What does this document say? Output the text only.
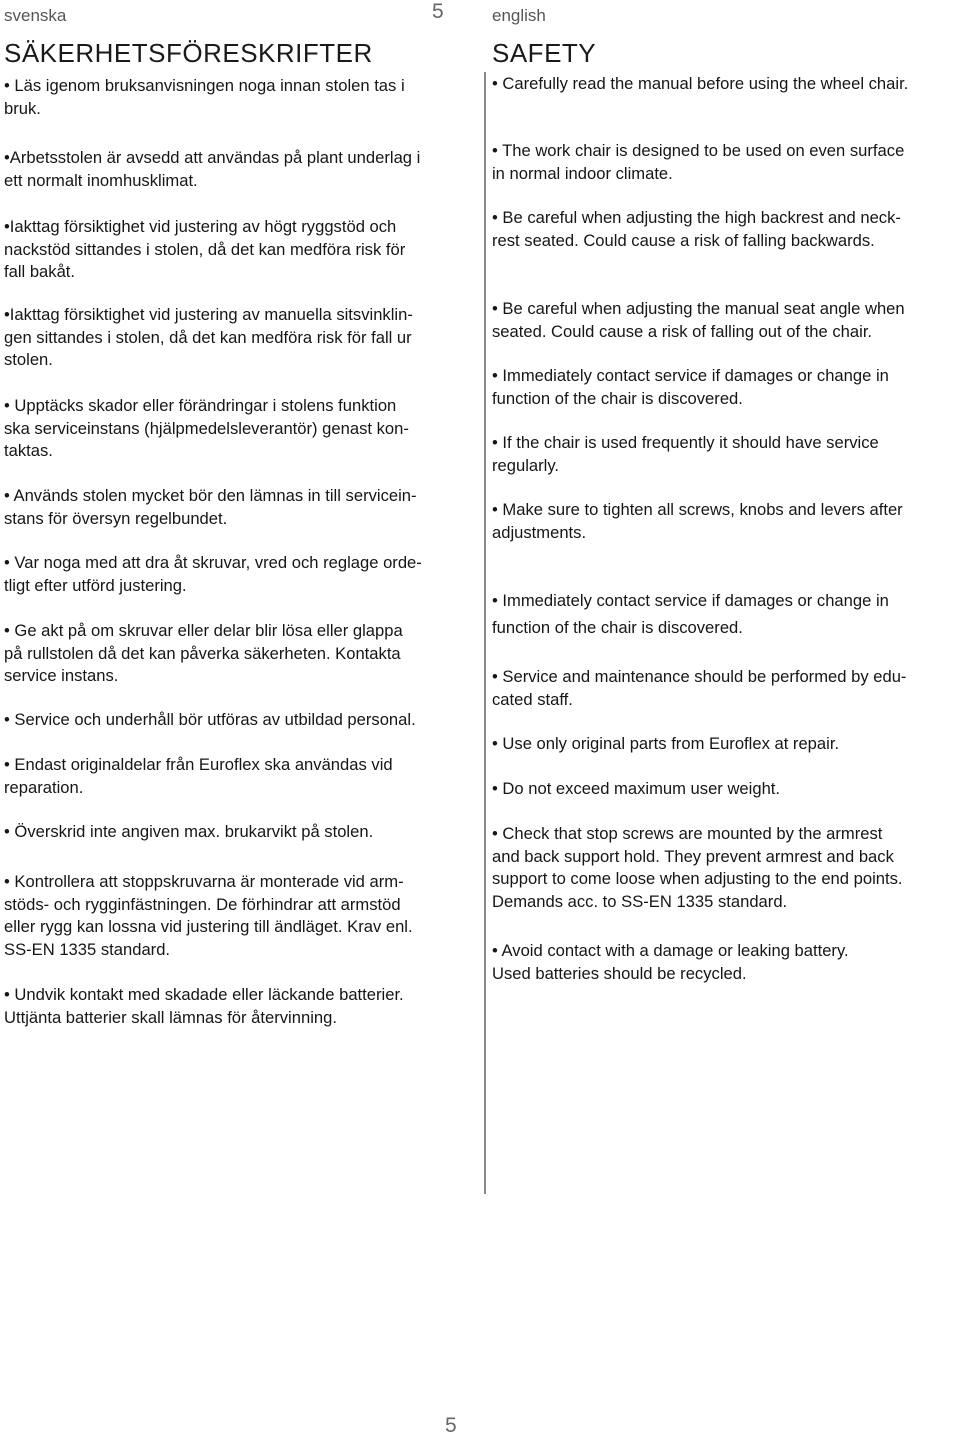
svenska	5	english
SÄKERHETSFÖRESKRIFTER	SAFETY
• Läs igenom bruksanvisningen noga innan stolen tas i
bruk.
•Arbetsstolen är avsedd att användas på plant underlag i
ett normalt inomhusklimat.
•Iakttag försiktighet vid justering av högt ryggstöd och
nackstöd sittandes i stolen, då det kan medföra risk för
fall bakåt.
•Iakttag försiktighet vid justering av manuella sitsvinklin-
gen sittandes i stolen, då det kan medföra risk för fall ur
stolen.
• Upptäcks skador eller förändringar i stolens funktion
ska serviceinstans (hjälpmedelsleverantör) genast kon-
taktas.
• Används stolen mycket bör den lämnas in till servicein-
stans för översyn regelbundet.
• Var noga med att dra åt skruvar, vred och reglage orde-
tligt efter utförd justering.
• Ge akt på om skruvar eller delar blir lösa eller glappa
på rullstolen då det kan påverka säkerheten. Kontakta
service instans.
• Service och underhåll bör utföras av utbildad personal.
• Endast originaldelar från Euroflex ska användas vid
reparation.
• Överskrid inte angiven max. brukarvikt på stolen.
• Kontrollera att stoppskruvarna är monterade vid arm-
stöds- och rygginfästningen. De förhindrar att armstöd
eller rygg kan lossna vid justering till ändläget. Krav enl.
SS-EN 1335 standard.
• Undvik kontakt med skadade eller läckande batterier.
Uttjänta batterier skall lämnas för återvinning.
• Carefully read the manual before using the wheel chair.
• The work chair is designed to be used on even surface
in normal indoor climate.
• Be careful when adjusting the high backrest and neck-
rest seated. Could cause a risk of falling backwards.
• Be careful when adjusting the manual seat angle when
seated. Could cause a risk of falling out of the chair.
• Immediately contact service if damages or change in
function of the chair is discovered.
• If the chair is used frequently it should have service
regularly.
• Make sure to tighten all screws, knobs and levers after
adjustments.
• Immediately contact service if damages or change in
function of the chair is discovered.
• Service and maintenance should be performed by edu-
cated staff.
• Use only original parts from Euroflex at repair.
• Do not exceed maximum user weight.
• Check that stop screws are mounted by the armrest
and back support hold. They prevent armrest and back
support to come loose when adjusting to the end points.
Demands acc. to SS-EN 1335 standard.
• Avoid contact with a damage or leaking battery.
Used batteries should be recycled.
5
